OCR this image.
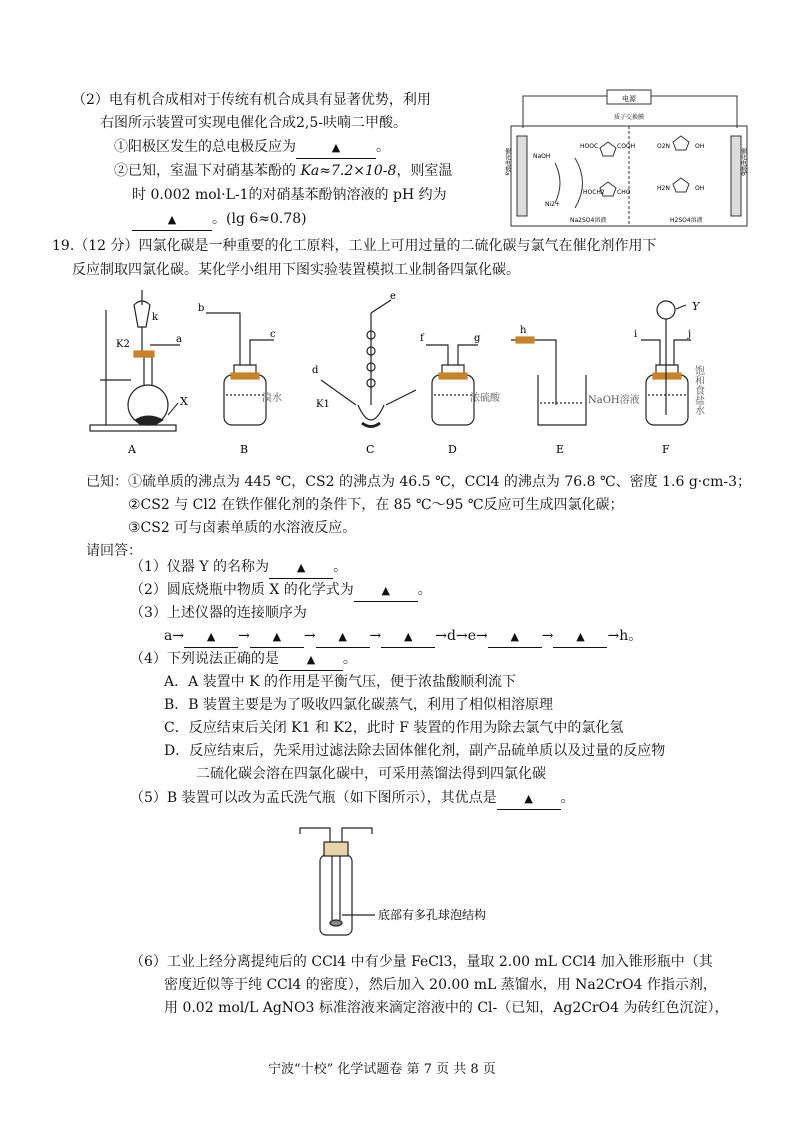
（2）电有机合成相对于传统有机合成具有显著优势，利用
右图所示装置可实现电催化合成2,5-呋喃二甲酸。
①阳极区发生的总电极反应为	▲	。
②已知，室温下对硝基苯酚的 Ka≈7.2×10-8，则室温
时 0.002 mol·L-1的对硝基苯酚钠溶液的 pH 约为
▲	。(lg 6≈0.78)
电源
质子交换膜
催化电极a	催化电极b
NaOH
Ni2+
HOOC	COOH
HOCH2 CHO
O2N	OH
H2N	OH
Na2SO4溶液	H2SO4溶液
19.（12 分）四氯化碳是一种重要的化工原料，工业上可用过量的二硫化碳与氯气在催化剂作用下
反应制取四氯化碳。某化学小组用下图实验装置模拟工业制备四氯化碳。
A	B	C	D	E	F
a
b
c
d
e
f	g
h	i	j
k
K2
K1
X
Y
溴水	浓硫酸	NaOH溶液	饱和食盐水
已知：①硫单质的沸点为 445 ℃，CS2 的沸点为 46.5 ℃，CCl4 的沸点为 76.8 ℃、密度 1.6 g·cm-3；
②CS2 与 Cl2 在铁作催化剂的条件下，在 85 ℃～95 ℃反应可生成四氯化碳；
③CS2 可与卤素单质的水溶液反应。
请回答：
（1）仪器 Y 的名称为	▲ 。
（2）圆底烧瓶中物质 X 的化学式为	▲ 。
（3）上述仪器的连接顺序为
a→ ▲ → ▲ → ▲ → ▲ →d→e→ ▲ → ▲ →h。
（4）下列说法正确的是	▲ 。
A．A 装置中 K 的作用是平衡气压，便于浓盐酸顺利流下
B．B 装置主要是为了吸收四氯化碳蒸气，利用了相似相溶原理
C．反应结束后关闭 K1 和 K2，此时 F 装置的作用为除去氯气中的氯化氢
D．反应结束后，先采用过滤法除去固体催化剂，副产品硫单质以及过量的反应物
二硫化碳会溶在四氯化碳中，可采用蒸馏法得到四氯化碳
（5）B 装置可以改为孟氏洗气瓶（如下图所示），其优点是	▲ 。
底部有多孔球泡结构
（6）工业上经分离提纯后的 CCl4 中有少量 FeCl3，量取 2.00 mL CCl4 加入锥形瓶中（其
密度近似等于纯 CCl4 的密度），然后加入 20.00 mL 蒸馏水，用 Na2CrO4 作指示剂，
用 0.02 mol/L AgNO3 标准溶液来滴定溶液中的 Cl-（已知，Ag2CrO4 为砖红色沉淀），
宁波“十校” 化学试题卷 第 7 页 共 8 页
